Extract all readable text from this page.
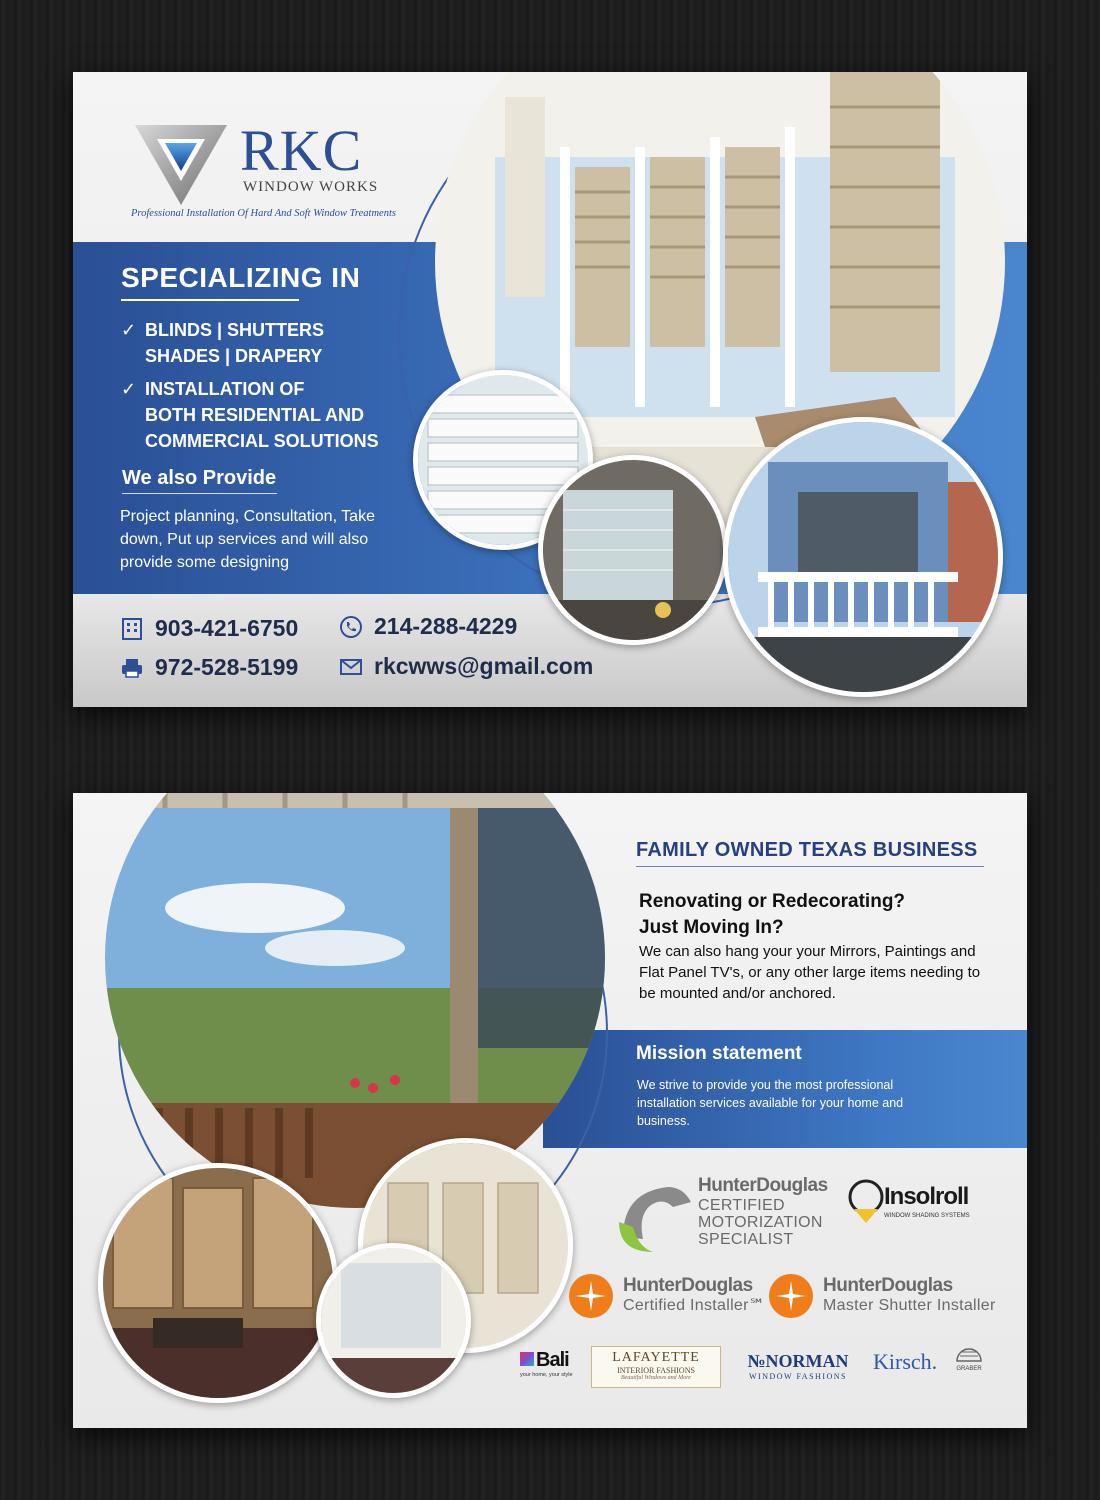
RKC
WINDOW WORKS
Professional Installation Of Hard And Soft Window Treatments
SPECIALIZING IN
✓ BLINDS | SHUTTERS
SHADES | DRAPERY
✓ INSTALLATION OF
BOTH RESIDENTIAL AND
COMMERCIAL SOLUTIONS
We also Provide
Project planning, Consultation, Take down, Put up services and will also provide some designing
903-421-6750	214-288-4229
972-528-5199	rkcwws@gmail.com
FAMILY OWNED TEXAS BUSINESS
Renovating or Redecorating?
Just Moving In?
We can also hang your your Mirrors, Paintings and Flat Panel TV's, or any other large items needing to be mounted and/or anchored.
Mission statement
We strive to provide you the most professional installation services available for your home and business.
HunterDouglas
CERTIFIED
MOTORIZATION
SPECIALIST
Insolroll
WINDOW SHADING SYSTEMS
HunterDouglas
Certified Installer℠
HunterDouglas
Master Shutter Installer
Bali
your home, your style
LAFAYETTE
INTERIOR FASHIONS
Beautiful Windows and More
№NORMAN
WINDOW FASHIONS
Kirsch.	GRABER
